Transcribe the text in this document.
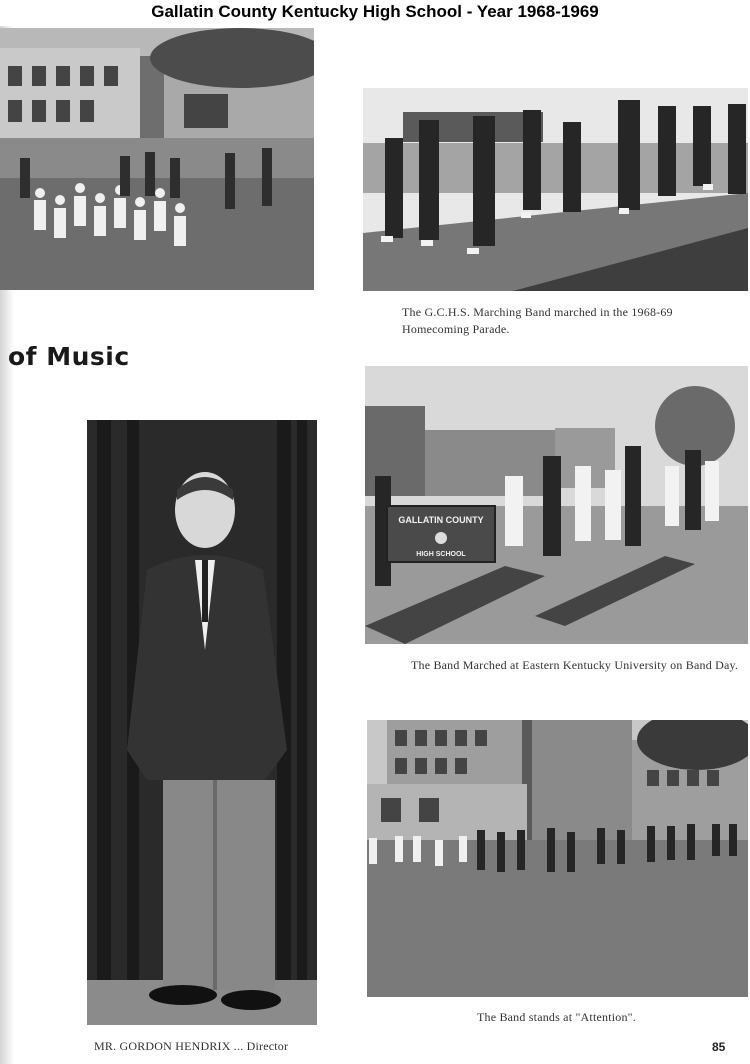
Gallatin County Kentucky High School - Year 1968-1969
The G.C.H.S. Marching Band marched in the 1968-69 Homecoming Parade.
of Music
MR. GORDON HENDRIX ... Director
GALLATIN COUNTY
HIGH SCHOOL
The Band Marched at Eastern Kentucky University on Band Day.
The Band stands at "Attention".
85
